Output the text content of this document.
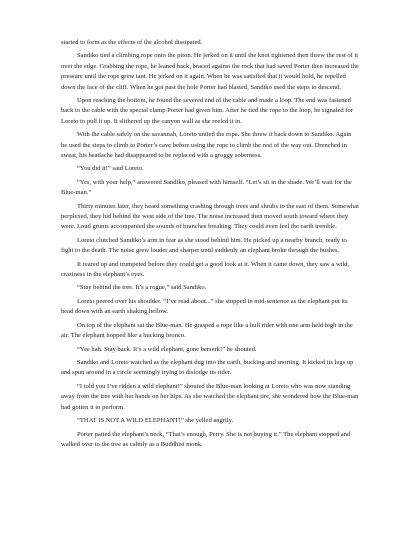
started to form as the effects of the alcohol dissipated.

Sandiko tied a climbing rope onto the piton. He jerked on it until the knot tightened then threw the rest of it over the edge. Grabbing the rope, he leaned back, braced against the rock that had saved Porter then increased the pressure until the rope grew taut. He jerked on it again. When he was satisfied that it would hold, he repelled down the face of the cliff. When he got past the hole Porter had blasted, Sandiko used the steps to descend.

Upon reaching the bottom, he found the severed end of the cable and made a loop. The end was fastened back to the cable with the special clamp Porter had given him. After he tied the rope to the loop, he signaled for Loreto to pull it up. It slithered up the canyon wall as she reeled it in.

With the cable safely on the savannah, Loreto untied the rope. She threw it back down to Sandiko. Again he used the steps to climb to Porter’s cave before using the rope to climb the rest of the way out. Drenched in sweat, his headache had disappeared to be replaced with a groggy soberness.

“You did it!” said Loreto.

“Yes, with your help,” answered Sandiko, pleased with himself. “Let’s sit in the shade. We’ll wait for the Blue-man.”

Thirty minutes later, they heard something crashing through trees and shrubs to the east of them. Somewhat perplexed, they hid behind the west side of the tree. The noise increased then moved south toward where they were. Loud grunts accompanied the sounds of branches breaking. They could even feel the earth tremble.

Loreto clutched Sandiko’s arm in fear as she stood behind him. He picked up a nearby branch, ready to fight to the death. The noise grew louder and sharper until suddenly an elephant broke through the bushes.

It reared up and trumpeted before they could get a good look at it. When it came down, they saw a wild, craziness in the elephant’s eyes.

“Stay behind the tree. It’s a rogue,” said Sandiko.

Loreto peered over his shoulder. “I’ve read about...” she stopped in mid-sentence as the elephant put its head down with an earth shaking bellow.

On top of the elephant sat the Blue-man. He grasped a rope like a bull rider with one arm held high in the air. The elephant hopped like a bucking bronco.

“Yee hah. Stay back. It’s a wild elephant, gone berserk!” he shouted.

Sandiko and Loreto watched as the elephant dug into the earth, bucking and snorting. It kicked its legs up and spun around in a circle seemingly trying to dislodge its rider.

“I told you I’ve ridden a wild elephant!” shouted the Blue-man looking at Loreto who was now standing away from the tree with her hands on her hips. As she watched the elephant tire, she wondered how the Blue-man had gotten it to perform.

“THAT IS NOT A WILD ELEPHANT!” she yelled angrily.

Porter patted the elephant’s neck, “That’s enough, Perry. She is not buying it.” The elephant stopped and walked over to the tree as calmly as a Buddhist monk.
